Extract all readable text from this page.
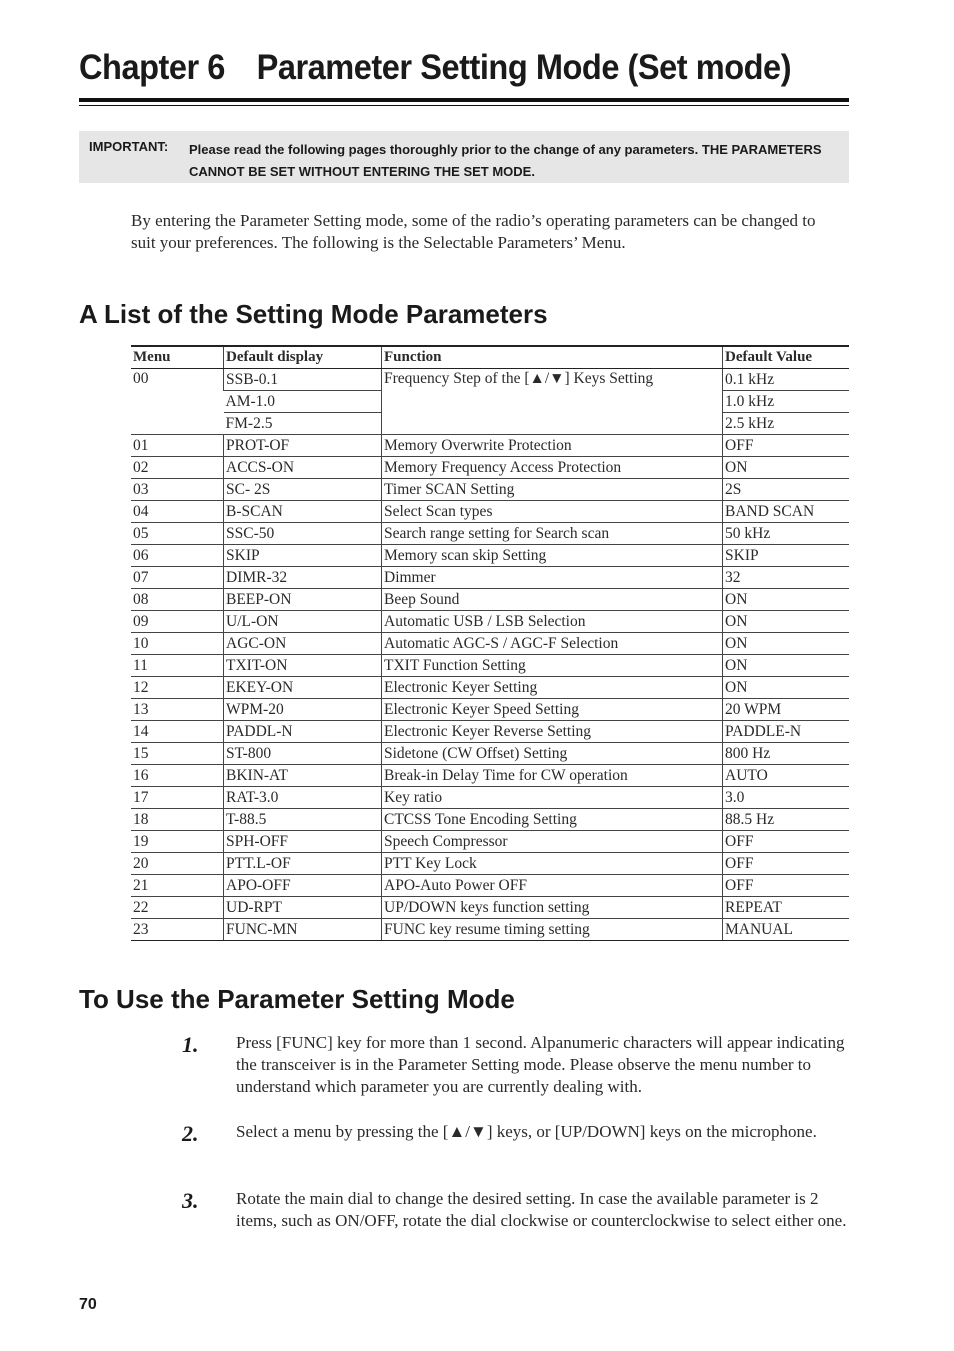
Chapter 6 Parameter Setting Mode (Set mode)
IMPORTANT: Please read the following pages thoroughly prior to the change of any parameters. THE PARAMETERS CANNOT BE SET WITHOUT ENTERING THE SET MODE.
By entering the Parameter Setting mode, some of the radio’s operating parameters can be changed to suit your preferences. The following is the Selectable Parameters’ Menu.
A List of the Setting Mode Parameters
Menu	Default display	Function	Default Value
00	SSB-0.1	Frequency Step of the [▲/▼] Keys Setting	0.1 kHz
	AM-1.0		1.0 kHz
	FM-2.5		2.5 kHz
01	PROT-OF	Memory Overwrite Protection	OFF
02	ACCS-ON	Memory Frequency Access Protection	ON
03	SC- 2S	Timer SCAN Setting	2S
04	B-SCAN	Select Scan types	BAND SCAN
05	SSC-50	Search range setting for Search scan	50 kHz
06	SKIP	Memory scan skip Setting	SKIP
07	DIMR-32	Dimmer	32
08	BEEP-ON	Beep Sound	ON
09	U/L-ON	Automatic USB / LSB Selection	ON
10	AGC-ON	Automatic AGC-S / AGC-F Selection	ON
11	TXIT-ON	TXIT Function Setting	ON
12	EKEY-ON	Electronic Keyer Setting	ON
13	WPM-20	Electronic Keyer Speed Setting	20 WPM
14	PADDL-N	Electronic Keyer Reverse Setting	PADDLE-N
15	ST-800	Sidetone (CW Offset) Setting	800 Hz
16	BKIN-AT	Break-in Delay Time for CW operation	AUTO
17	RAT-3.0	Key ratio	3.0
18	T-88.5	CTCSS Tone Encoding Setting	88.5 Hz
19	SPH-OFF	Speech Compressor	OFF
20	PTT.L-OF	PTT Key Lock	OFF
21	APO-OFF	APO-Auto Power OFF	OFF
22	UD-RPT	UP/DOWN keys function setting	REPEAT
23	FUNC-MN	FUNC key resume timing setting	MANUAL
To Use the Parameter Setting Mode
1. Press [FUNC] key for more than 1 second. Alpanumeric characters will appear indicating the transceiver is in the Parameter Setting mode. Please observe the menu number to understand which parameter you are currently dealing with.
2. Select a menu by pressing the [▲/▼] keys, or [UP/DOWN] keys on the microphone.
3. Rotate the main dial to change the desired setting. In case the available parameter is 2 items, such as ON/OFF, rotate the dial clockwise or counterclockwise to select either one.
70
